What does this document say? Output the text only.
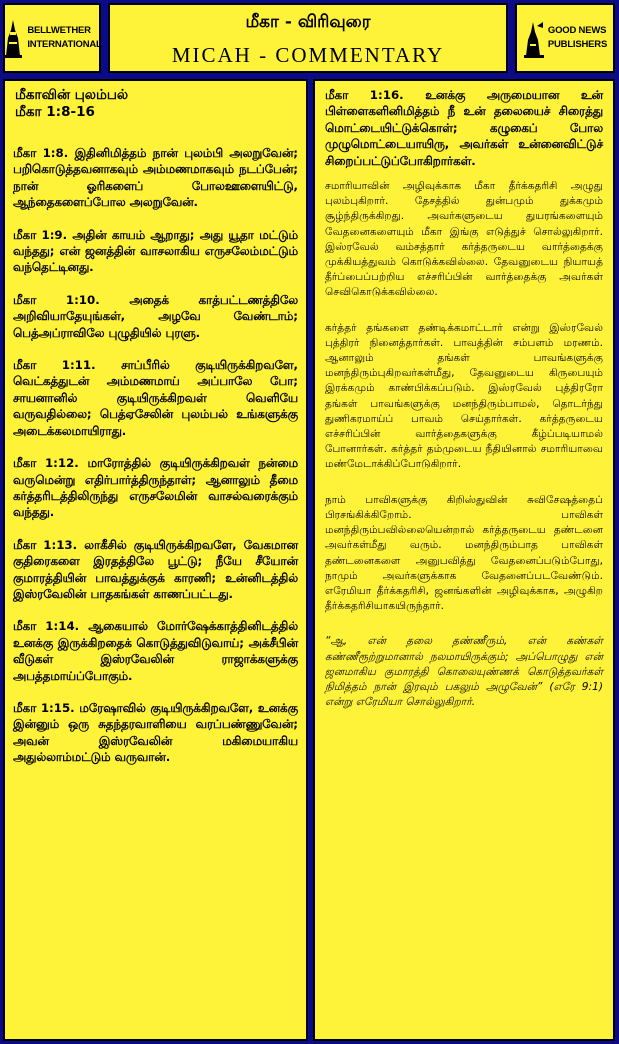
BELLWETHER
INTERNATIONAL
மீகா - விரிவுரை
MICAH - COMMENTARY
GOOD NEWS
PUBLISHERS
மீகாவின் புலம்பல்
மீகா 1:8-16
மீகா 1:8. இதினிமித்தம் நான் புலம்பி அலறுவேன்; பறிகொடுத்தவனாகவும் அம்மணமாகவும் நடப்பேன்; நான் ஓரிகளைப் போலஊளையிட்டு, ஆந்தைகளைப்போல அலறுவேன்.
மீகா 1:9. அதின் காயம் ஆறாது; அது யூதா மட்டும் வந்தது; என் ஜனத்தின் வாசலாகிய எருசலேம்மட்டும் வந்தெட்டினது.
மீகா 1:10. அதைக் காத்பட்டணத்திலே அறிவியாதேயுங்கள், அழவே வேண்டாம்; பெத்அப்ராவிலே புழுதியில் புரளு.
மீகா 1:11. சாப்பீரில் குடியிருக்கிறவளே, வெட்கத்துடன் அம்மணமாய் அப்பாலே போ; சாயனானில் குடியிருக்கிறவள் வெளியே வருவதில்லை; பெத்ஏசேலின் புலம்பல் உங்களுக்கு அடைக்கலமாயிராது.
மீகா 1:12. மாரோத்தில் குடியிருக்கிறவள் நன்மை வருமென்று எதிர்பார்த்திருந்தாள்; ஆனாலும் தீமை கர்த்தரிடத்திலிருந்து எருசலேமின் வாசல்வரைக்கும் வந்தது.
மீகா 1:13. லாகீசில் குடியிருக்கிறவளே, வேகமான குதிரைகளை இரதத்திலே பூட்டு; நீயே சீயோன் குமாரத்தியின் பாவத்துக்குக் காரணி; உன்னிடத்தில் இஸ்ரவேலின் பாதகங்கள் காணப்பட்டது.
மீகா 1:14. ஆகையால் மோர்ஷேக்காத்தினிடத்தில் உனக்கு இருக்கிறதைக் கொடுத்துவிடுவாய்; அக்சீபின் வீடுகள் இஸ்ரவேலின் ராஜாக்களுக்கு அபத்தமாய்ப்போகும்.
மீகா 1:15. மரேஷாவில் குடியிருக்கிறவளே, உனக்கு இன்னும் ஒரு சுதந்தரவாளியை வரப்பண்ணுவேன்; அவன் இஸ்ரவேலின் மகிமையாகிய அதுல்லாம்மட்டும் வருவான்.

மீகா 1:16. உனக்கு அருமையான உன் பிள்ளைகளினிமித்தம் நீ உன் தலையைச் சிரைத்து மொட்டையிட்டுக்கொள்; கழுகைப் போல முழுமொட்டையாயிரு, அவர்கள் உன்னைவிட்டுச் சிறைப்பட்டுப்போகிறார்கள்.

சமாரியாவின் அழிவுக்காக மீகா தீர்க்கதரிசி அழுது புலம்புகிறார். தேசத்தில் துன்பமும் துக்கமும் சூழ்ந்திருக்கிறது. அவர்களுடைய துயரங்களையும் வேதனைகளையும் மீகா இங்கு எடுத்துச் சொல்லுகிறார். இஸ்ரவேல் வம்சத்தார் கர்த்தருடைய வார்த்தைக்கு முக்கியத்துவம் கொடுக்கவில்லை. தேவனுடைய நியாயத் தீர்ப்பைப்பற்றிய எச்சரிப்பின் வார்த்தைக்கு அவர்கள் செவிகொடுக்கவில்லை.

கர்த்தர் தங்களை தண்டிக்கமாட்டார் என்று இஸ்ரவேல் புத்திரர் நினைத்தார்கள். பாவத்தின் சம்பளம் மரணம். ஆனாலும் தங்கள் பாவங்களுக்கு மனந்திரும்புகிறவர்கள்மீது, தேவனுடைய கிருபையும் இரக்கமும் காண்பிக்கப்படும். இஸ்ரவேல் புத்திரரோ தங்கள் பாவங்களுக்கு மனந்திரும்பாமல், தொடர்ந்து துணிகரமாய்ப் பாவம் செய்தார்கள். கர்த்தருடைய எச்சரிப்பின் வார்த்தைகளுக்கு கீழ்ப்படியாமல் போனார்கள். கர்த்தர் தம்முடைய நீதியினால் சமாரியாவை மண்மேடாக்கிப்போடுகிறார்.

நாம் பாவிகளுக்கு கிறிஸ்துவின் சுவிசேஷத்தைப் பிரசங்கிக்கிறோம். பாவிகள் மனந்திரும்பவில்லையென்றால் கர்த்தருடைய தண்டனை அவர்கள்மீது வரும். மனந்திரும்பாத பாவிகள் தண்டனைகளை அனுபவித்து வேதனைப்படும்போது, நாமும் அவர்களுக்காக வேதனைப்படவேண்டும். எரேமியா தீர்க்கதரிசி, ஜனங்களின் அழிவுக்காக, அழுகிற தீர்க்கதரிசியாகயிருந்தார்.

“ஆ, என் தலை தண்ணீரும், என் கண்கள் கண்ணீரூற்றுமானால் நலமாயிருக்கும்; அப்பொழுது என் ஜனமாகிய குமாரத்தி கொலையுண்ணக் கொடுத்தவர்கள் நிமித்தம் நான் இரவும் பகலும் அழுவேன்” (எரே 9:1) என்று எரேமியா சொல்லுகிறார்.
